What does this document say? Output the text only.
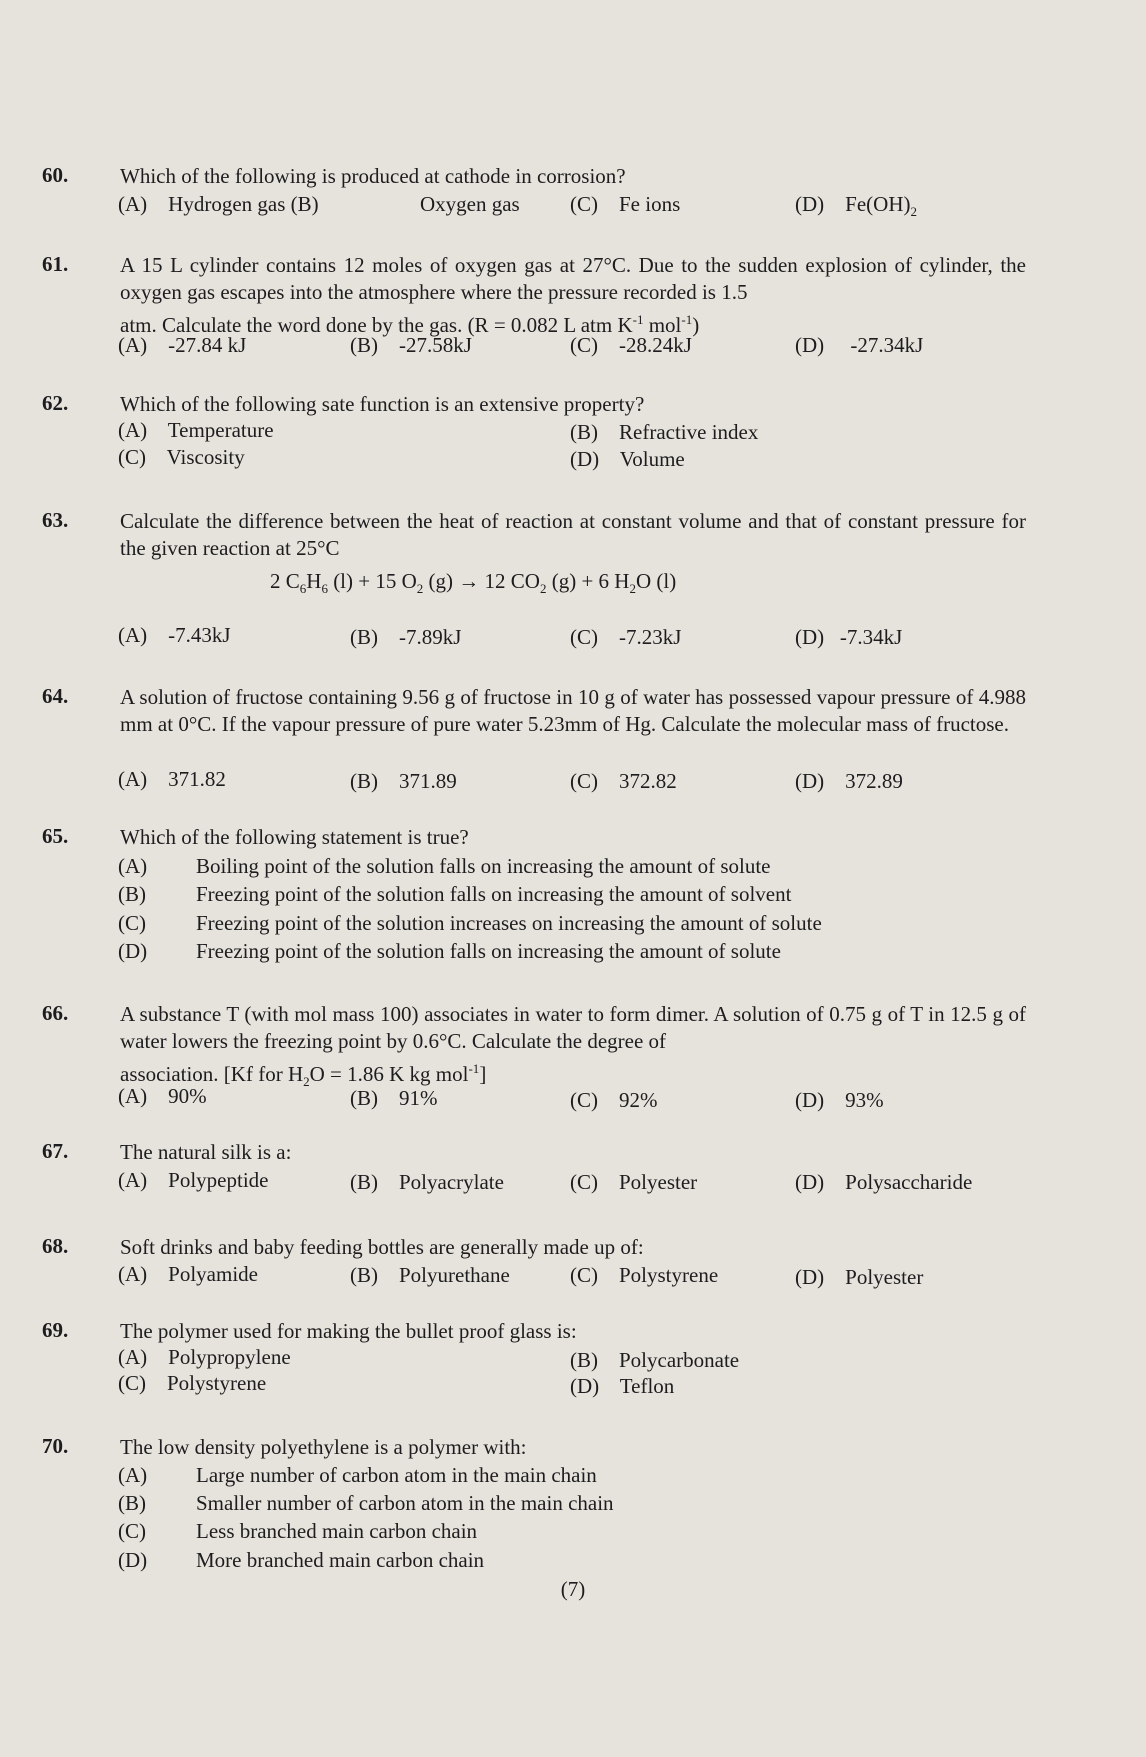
60. Which of the following is produced at cathode in corrosion?
(A) Hydrogen gas (B)	Oxygen gas (C) Fe ions	(D) $Fe(OH)_2$
61. A 15 L cylinder contains 12 moles of oxygen gas at 27°C. Due to the sudden explosion of cylinder, the oxygen gas escapes into the atmosphere where the pressure recorded is 1.5
atm. Calculate the word done by the gas. (R = 0.082 L atm $K^{-1}$ mol$^{-1}$)
(A) -27.84 kJ	(B) -27.58kJ	(C) -28.24kJ	(D) -27.34kJ
62. Which of the following sate function is an extensive property?
(A) Temperature	(B) Refractive index
(C) Viscosity	(D) Volume
63. Calculate the difference between the heat of reaction at constant volume and that of constant pressure for the given reaction at 25°C
2 $C_6H_6$ (l) + 15 $O_2$ (g) → 12 $CO_2$ (g) + 6 $H_2O$ (l)
(A) -7.43kJ	(B) -7.89kJ	(C) -7.23kJ	(D) -7.34kJ
64. A solution of fructose containing 9.56 g of fructose in 10 g of water has possessed vapour pressure of 4.988 mm at 0°C. If the vapour pressure of pure water 5.23mm of Hg. Calculate the molecular mass of fructose.
(A) 371.82	(B) 371.89	(C) 372.82	(D) 372.89
65. Which of the following statement is true?
(A) Boiling point of the solution falls on increasing the amount of solute
(B) Freezing point of the solution falls on increasing the amount of solvent
(C) Freezing point of the solution increases on increasing the amount of solute
(D) Freezing point of the solution falls on increasing the amount of solute
66. A substance T (with mol mass 100) associates in water to form dimer. A solution of 0.75 g of T in 12.5 g of water lowers the freezing point by 0.6°C. Calculate the degree of
association. [Kf for $H_2O = 1.86$ K kg mol$^{-1}$]
(A) 90%	(B) 91%	(C) 92%	(D) 93%
67. The natural silk is a:
(A) Polypeptide	(B) Polyacrylate	(C) Polyester	(D) Polysaccharide
68. Soft drinks and baby feeding bottles are generally made up of:
(A) Polyamide	(B) Polyurethane	(C) Polystyrene	(D) Polyester
69. The polymer used for making the bullet proof glass is:
(A) Polypropylene	(B) Polycarbonate
(C) Polystyrene	(D) Teflon
70. The low density polyethylene is a polymer with:
(A) Large number of carbon atom in the main chain
(B) Smaller number of carbon atom in the main chain
(C) Less branched main carbon chain
(D) More branched main carbon chain
(7)
